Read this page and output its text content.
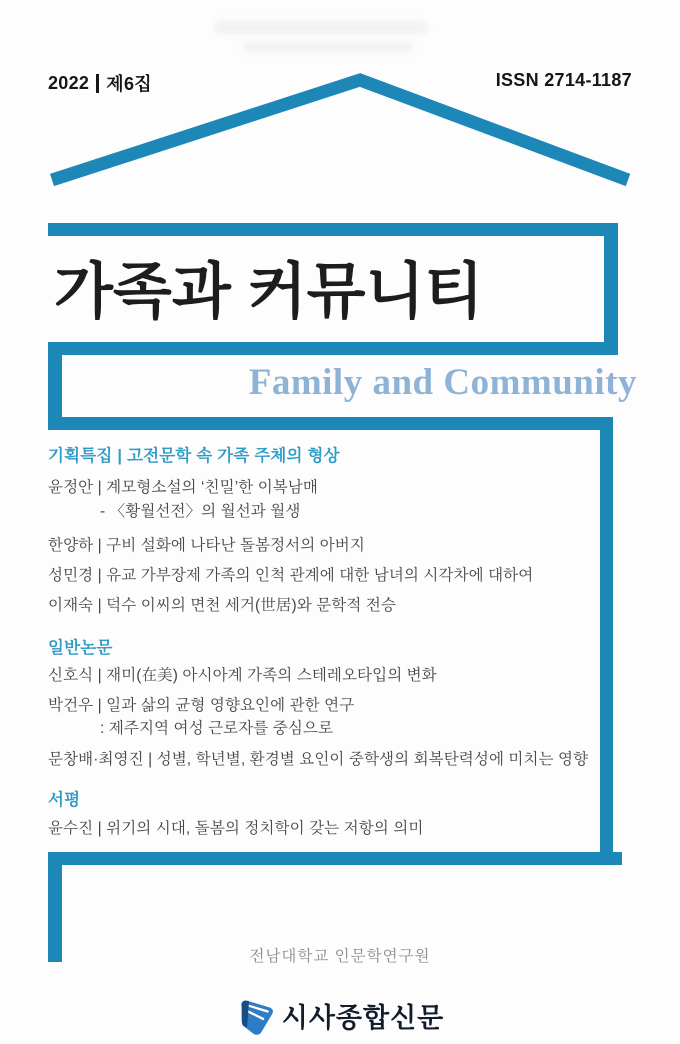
2022 제6집	ISSN 2714-1187
가족과 커뮤니티
Family and Community
기획특집 | 고전문학 속 가족 주체의 형상
윤정안 | 계모형소설의 ‘친밀’한 이복남매
- 〈황월선전〉의 월선과 월생
한양하 | 구비 설화에 나타난 돌봄정서의 아버지
성민경 | 유교 가부장제 가족의 인척 관계에 대한 남녀의 시각차에 대하여
이재숙 | 덕수 이씨의 면천 세거(世居)와 문학적 전승
일반논문
신호식 | 재미(在美) 아시아계 가족의 스테레오타입의 변화
박건우 | 일과 삶의 균형 영향요인에 관한 연구
: 제주지역 여성 근로자를 중심으로
문창배·최영진 | 성별, 학년별, 환경별 요인이 중학생의 회복탄력성에 미치는 영향
서평
윤수진 | 위기의 시대, 돌봄의 정치학이 갖는 저항의 의미
전남대학교 인문학연구원
시사종합신문
